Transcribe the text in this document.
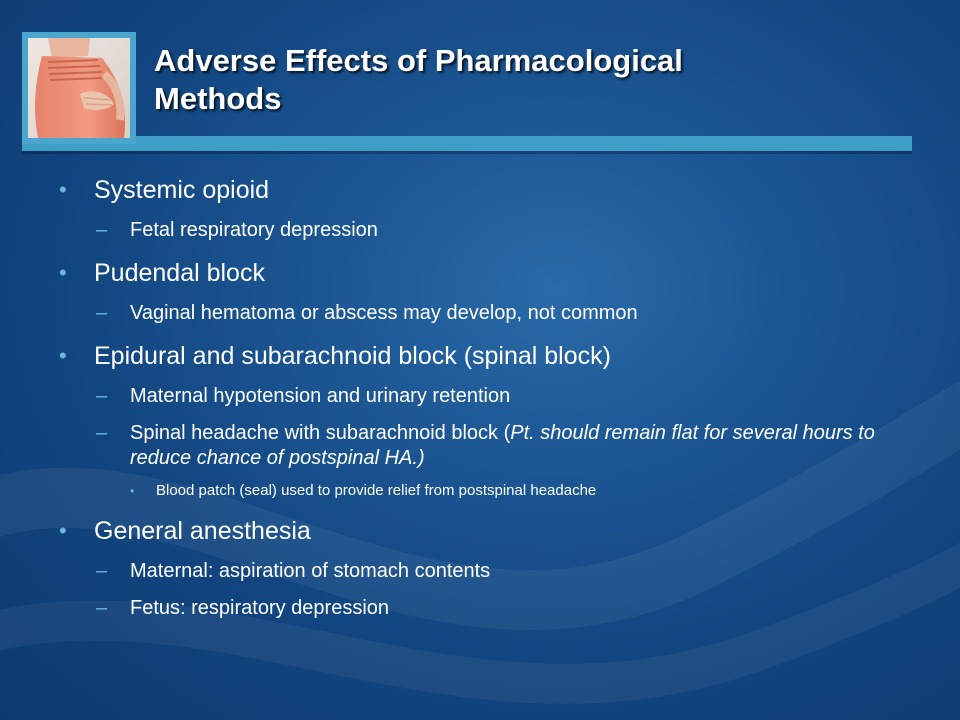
Adverse Effects of Pharmacological
Methods
• Systemic opioid
– Fetal respiratory depression
• Pudendal block
– Vaginal hematoma or abscess may develop, not common
• Epidural and subarachnoid block (spinal block)
– Maternal hypotension and urinary retention
– Spinal headache with subarachnoid block (Pt. should remain flat for several hours to reduce chance of postspinal HA.)
• Blood patch (seal) used to provide relief from postspinal headache
• General anesthesia
– Maternal: aspiration of stomach contents
– Fetus: respiratory depression
